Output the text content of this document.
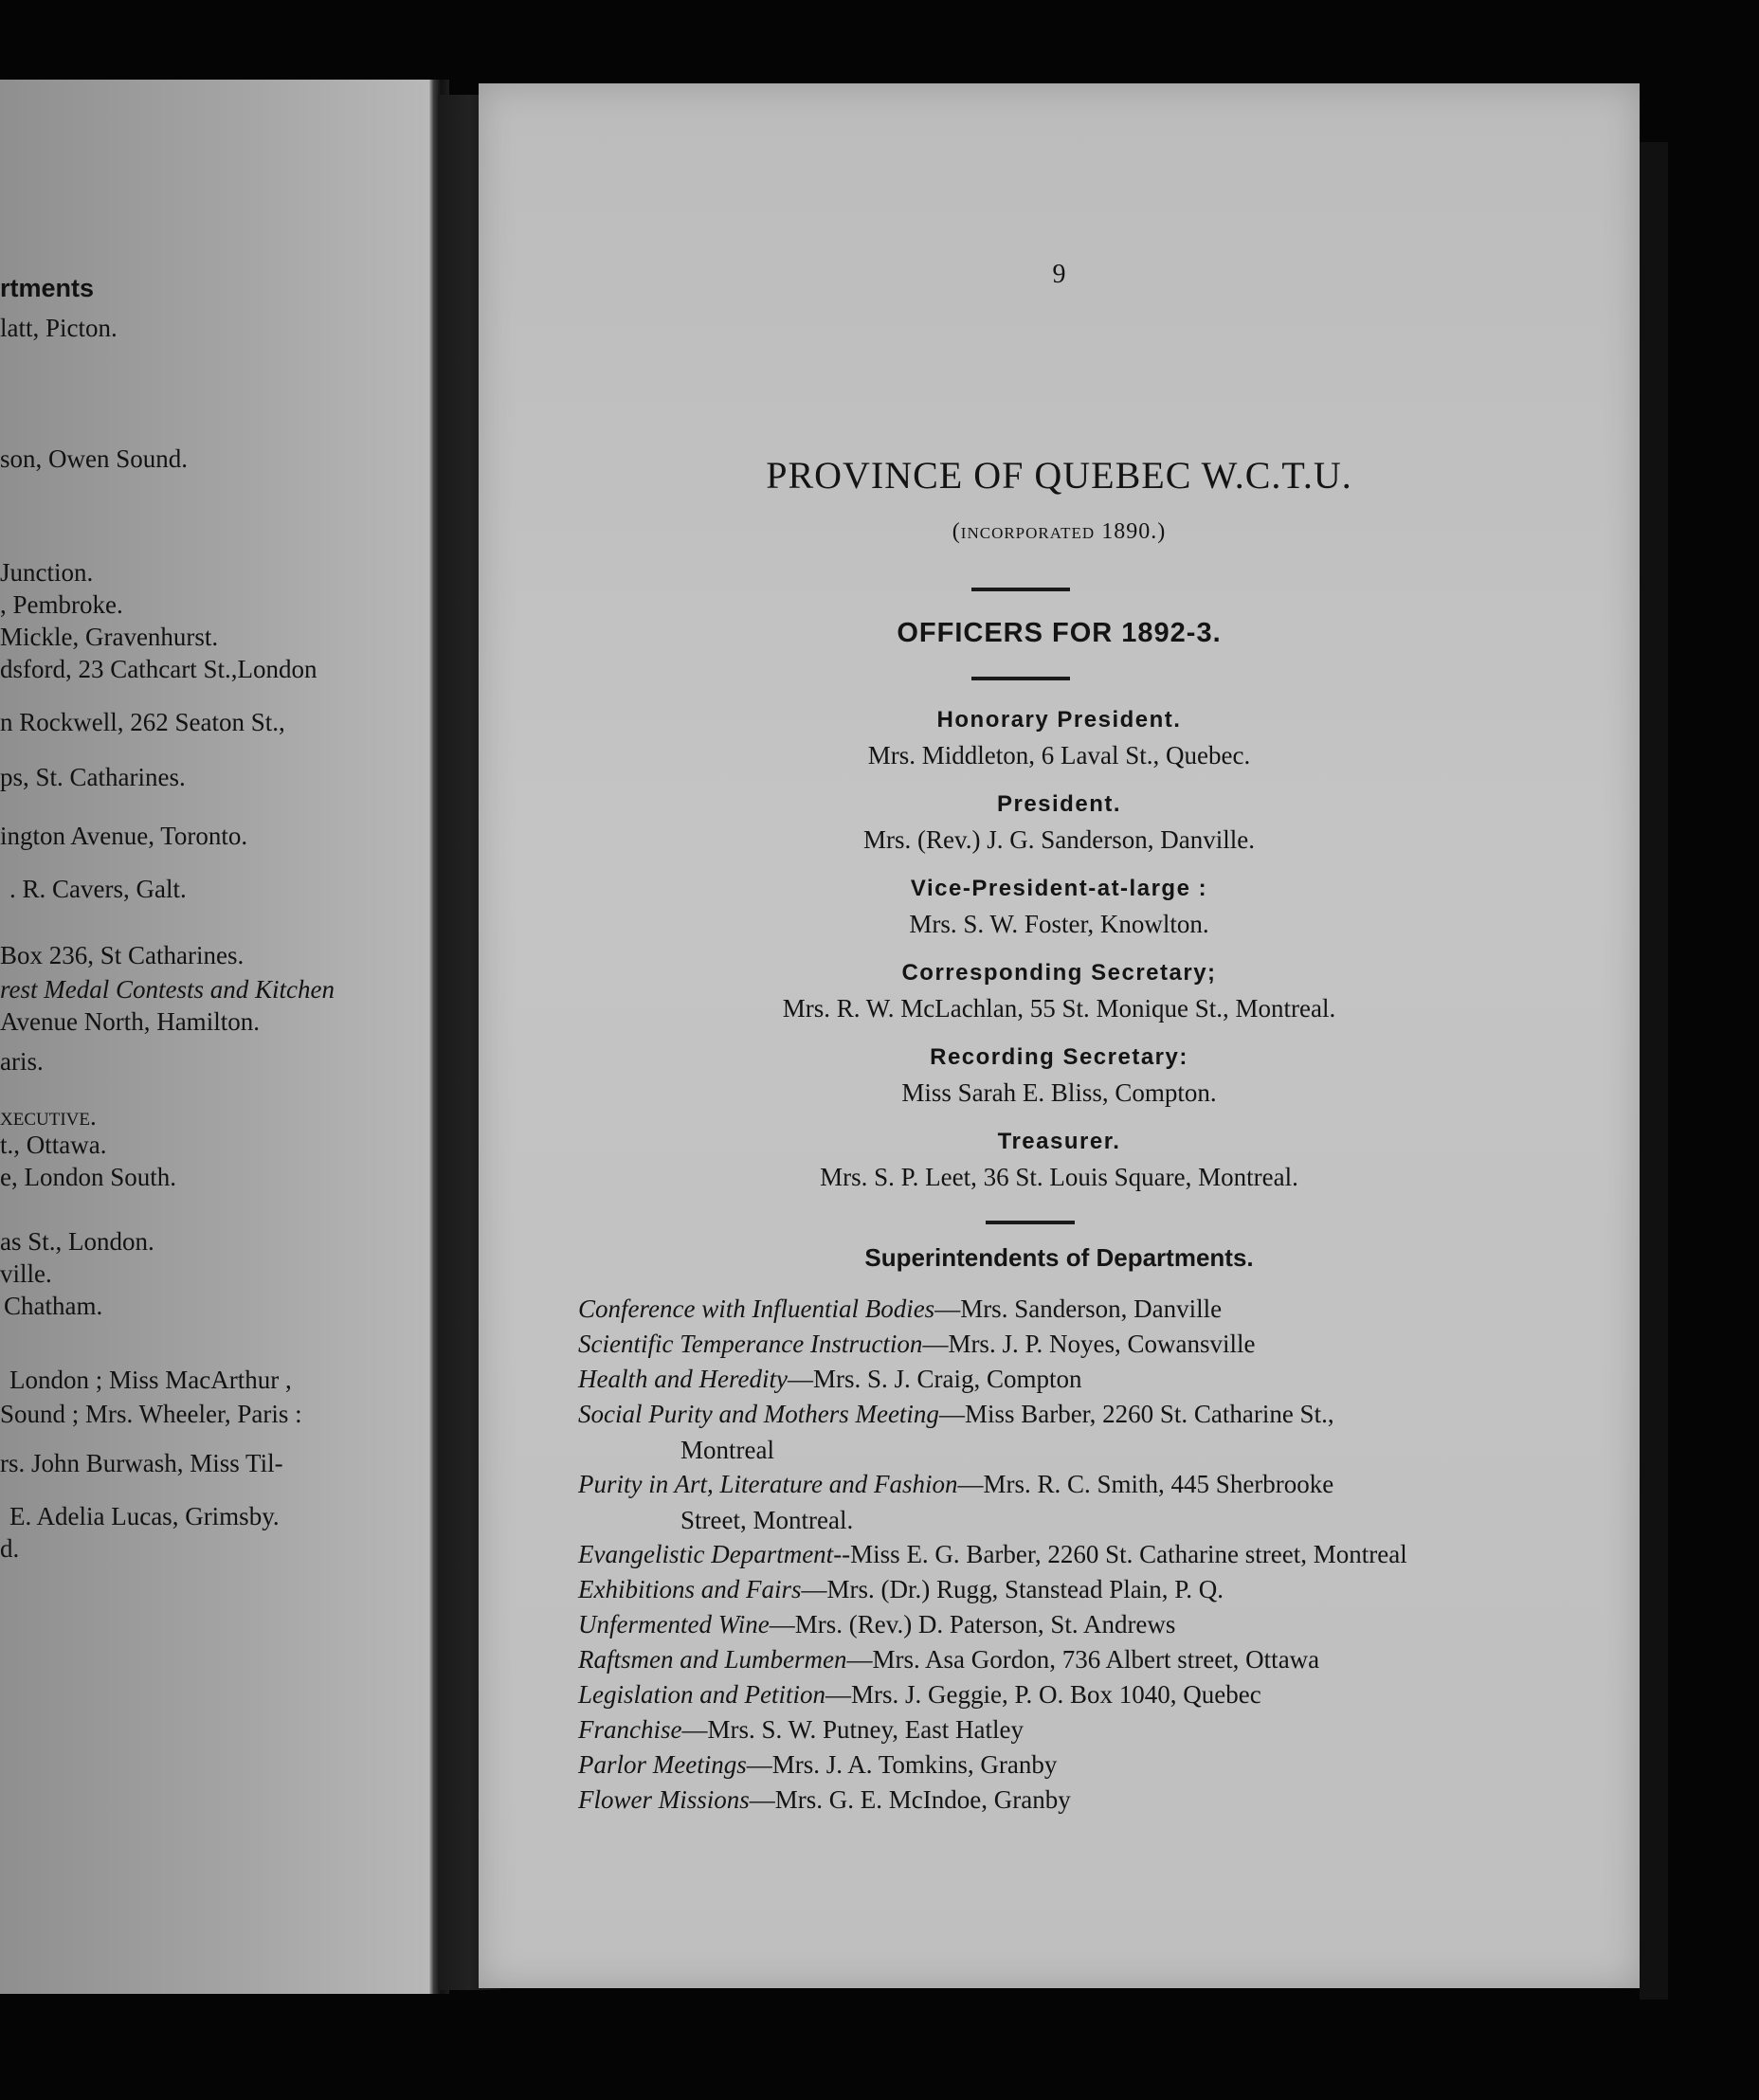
rtments
latt, Picton.
son, Owen Sound.
Junction.
, Pembroke.
Mickle, Gravenhurst.
dsford, 23 Cathcart St.,London
n Rockwell, 262 Seaton St.,
ps, St. Catharines.
ington Avenue, Toronto.
. R. Cavers, Galt.
Box 236, St Catharines.
rest Medal Contests and Kitchen
Avenue North, Hamilton.
aris.
xecutive.
t., Ottawa.
e, London South.
as St., London.
ville.
Chatham.
London ; Miss MacArthur ,
Sound ; Mrs. Wheeler, Paris :
rs. John Burwash, Miss Til-
E. Adelia Lucas, Grimsby.
d.
9
PROVINCE OF QUEBEC W.C.T.U.
(incorporated 1890.)
OFFICERS FOR 1892-3.
Honorary President.
Mrs. Middleton, 6 Laval St., Quebec.
President.
Mrs. (Rev.) J. G. Sanderson, Danville.
Vice-President-at-large :
Mrs. S. W. Foster, Knowlton.
Corresponding Secretary;
Mrs. R. W. McLachlan, 55 St. Monique St., Montreal.
Recording Secretary:
Miss Sarah E. Bliss, Compton.
Treasurer.
Mrs. S. P. Leet, 36 St. Louis Square, Montreal.
Superintendents of Departments.
Conference with Influential Bodies—Mrs. Sanderson, Danville
Scientific Temperance Instruction—Mrs. J. P. Noyes, Cowansville
Health and Heredity—Mrs. S. J. Craig, Compton
Social Purity and Mothers Meeting—Miss Barber, 2260 St. Catharine St.,
Montreal
Purity in Art, Literature and Fashion—Mrs. R. C. Smith, 445 Sherbrooke
Street, Montreal.
Evangelistic Department--Miss E. G. Barber, 2260 St. Catharine street, Montreal
Exhibitions and Fairs—Mrs. (Dr.) Rugg, Stanstead Plain, P. Q.
Unfermented Wine—Mrs. (Rev.) D. Paterson, St. Andrews
Raftsmen and Lumbermen—Mrs. Asa Gordon, 736 Albert street, Ottawa
Legislation and Petition—Mrs. J. Geggie, P. O. Box 1040, Quebec
Franchise—Mrs. S. W. Putney, East Hatley
Parlor Meetings—Mrs. J. A. Tomkins, Granby
Flower Missions—Mrs. G. E. McIndoe, Granby
